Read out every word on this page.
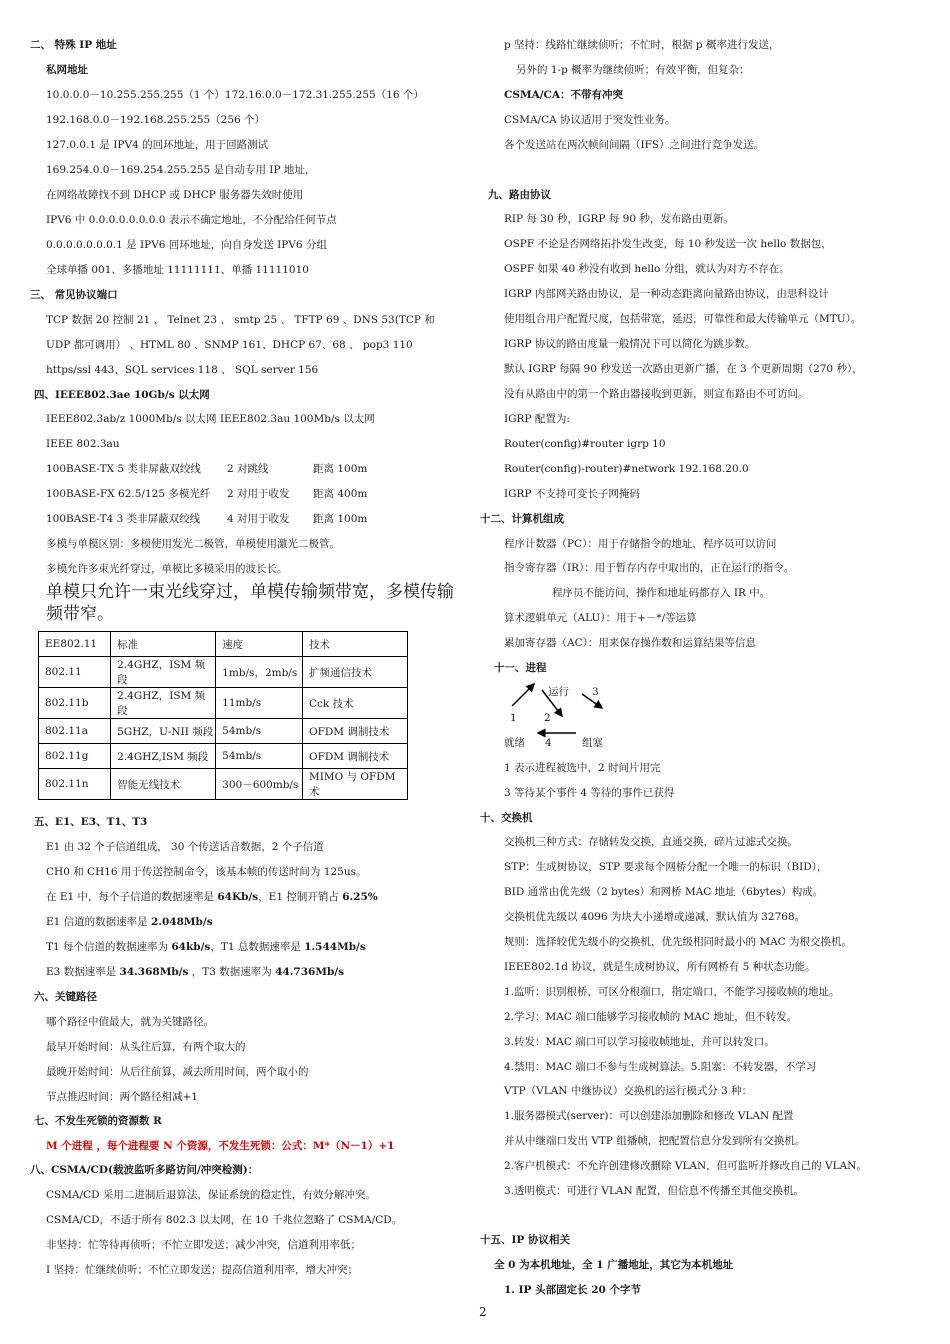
二、 特殊 IP 地址
私网地址
10.0.0.0－10.255.255.255（1 个）172.16.0.0－172.31.255.255（16 个）
192.168.0.0－192.168.255.255（256 个）
127.0.0.1 是 IPV4 的回环地址，用于回路测试
169.254.0.0－169.254.255.255 是自动专用 IP 地址，
在网络故障找不到 DHCP 或 DHCP 服务器失效时使用
IPV6 中 0.0.0.0.0.0.0.0 表示不确定地址，不分配给任何节点
0.0.0.0.0.0.0.1 是 IPV6 回环地址，向自身发送 IPV6 分组
全球单播 001、多播地址 11111111、单播 11111010
三、 常见协议端口
TCP 数据 20 控制 21 、 Telnet 23 、 smtp 25 、 TFTP 69 、DNS 53(TCP 和
UDP 都可调用） 、HTML 80 、SNMP 161、DHCP 67、68 、 pop3 110
https/ssl 443、SQL services 118 、 SQL server 156
四、IEEE802.3ae 10Gb/s 以太网
IEEE802.3ab/z 1000Mb/s 以太网 IEEE802.3au 100Mb/s 以太网
IEEE 802.3au
100BASE-TX 5 类非屏蔽双绞线 2 对跳线	距离 100m
100BASE-FX 62.5/125 多模光纤 2 对用于收发 距离 400m
100BASE-T4 3 类非屏蔽双绞线	4 对用于收发 距离 100m
多模与单模区别：多模使用发光二极管，单模使用激光二极管。
多模允许多束光纤穿过，单模比多模采用的波长长。
单模只允许一束光线穿过，单模传输频带宽，多模传输频带窄。
EE802.11	标准	速度	技术
802.11	2.4GHZ，ISM 频段	1mb/s，2mb/s	扩频通信技术
802.11b	2.4GHZ，ISM 频段	11mb/s	Cck 技术
802.11a	5GHZ，U-NII 频段	54mb/s	OFDM 调制技术
802.11g	2.4GHZ,ISM 频段	54mb/s	OFDM 调制技术
802.11n	智能无线技术	300－600mb/s	MIMO 与 OFDM 术
五、E1、E3、T1、T3
E1 由 32 个子信道组成， 30 个传送话音数据，2 个子信道
CH0 和 CH16 用于传送控制命令，该基本帧的传送时间为 125us。
在 E1 中，每个子信道的数据速率是 64Kb/s，E1 控制开销占 6.25%
E1 信道的数据速率是 2.048Mb/s
T1 每个信道的数据速率为 64kb/s，T1 总数据速率是 1.544Mb/s
E3 数据速率是 34.368Mb/s ，T3 数据速率为 44.736Mb/s
六、关键路径
哪个路径中值最大，就为关键路径。
最早开始时间：从头往后算，有两个取大的
最晚开始时间：从后往前算，减去所用时间，两个取小的
节点推迟时间：两个路径相减+1
七、不发生死锁的资源数 R
M 个进程 ，每个进程要 N 个资源，不发生死锁：公式：M*（N－1）+1
八、CSMA/CD(载波监听多路访问/冲突检测)：
CSMA/CD 采用二进制后退算法，保证系统的稳定性，有效分解冲突。
CSMA/CD，不适于所有 802.3 以太网，在 10 千兆位忽略了 CSMA/CD。
非坚持：忙等待再侦听；不忙立即发送；减少冲突，信道利用率低；
I 坚持：忙继续侦听；不忙立即发送；提高信道利用率，增大冲突；
p 坚持：线路忙继续侦听；不忙时，根据 p 概率进行发送，
另外的 1-p 概率为继续侦听；有效平衡，但复杂；
CSMA/CA：不带有冲突
CSMA/CA 协议适用于突发性业务。
各个发送站在两次帧间间隔（IFS）之间进行竞争发送。
九、路由协议
RIP 每 30 秒，IGRP 每 90 秒，发布路由更新。
OSPF 不论是否网络拓扑发生改变，每 10 秒发送一次 hello 数据包，
OSPF 如果 40 秒没有收到 hello 分组，就认为对方不存在。
IGRP 内部网关路由协议，是一种动态距离向量路由协议，由思科设计
使用组合用户配置尺度，包括带宽，延迟，可靠性和最大传输单元（MTU）。
IGRP 协议的路由度量一般情况下可以简化为跳步数。
默认 IGRP 每隔 90 秒发送一次路由更新广播，在 3 个更新周期（270 秒），
没有从路由中的第一个路由器接收到更新，则宣布路由不可访问。
IGRP 配置为:
Router(config)#router igrp 10
Router(config)-router)#network 192.168.20.0
IGRP 不支持可变长子网掩码
十二、计算机组成
程序计数器（PC）：用于存储指令的地址，程序员可以访问
指令寄存器（IR）：用于暂存内存中取出的，正在运行的指令。
程序员不能访问，操作和地址码都存入 IR 中。
算术逻辑单元（ALU）：用于+－*/等运算
累加寄存器（AC）：用来保存操作数和运算结果等信息
十一、进程
运行 3
1	2
就绪 4	组塞
1 表示进程被选中，2 时间片用完
3 等待某个事件 4 等待的事件已获得
十、交换机
交换机三种方式：存储转发交换，直通交换，碎片过滤式交换。
STP：生成树协议，STP 要求每个网桥分配一个唯一的标识（BID），
BID 通常由优先级（2 bytes）和网桥 MAC 地址（6bytes）构成。
交换机优先级以 4096 为块大小递增或递减，默认值为 32768。
规则：选择较优先级小的交换机，优先级相同时最小的 MAC 为根交换机。
IEEE802.1d 协议，就是生成树协议，所有网桥有 5 种状态功能。
1.监听：识别根桥，可区分根端口，指定端口，不能学习接收帧的地址。
2.学习：MAC 端口能够学习接收帧的 MAC 地址，但不转发。
3.转发：MAC 端口可以学习接收帧地址，并可以转发口。
4.禁用：MAC 端口不参与生成树算法。5.阻塞：不转发器，不学习
VTP（VLAN 中继协议）交换机的运行模式分 3 种：
1.服务器模式(server)：可以创建添加删除和修改 VLAN 配置
并从中继端口发出 VTP 组播帧，把配置信息分发到所有交换机。
2.客户机模式：不允许创建修改删除 VLAN，但可监听并修改自己的 VLAN。
3.透明模式：可进行 VLAN 配置，但信息不传播至其他交换机。
十五、IP 协议相关
全 0 为本机地址，全 1 广播地址，其它为本机地址
1. IP 头部固定长 20 个字节
2
